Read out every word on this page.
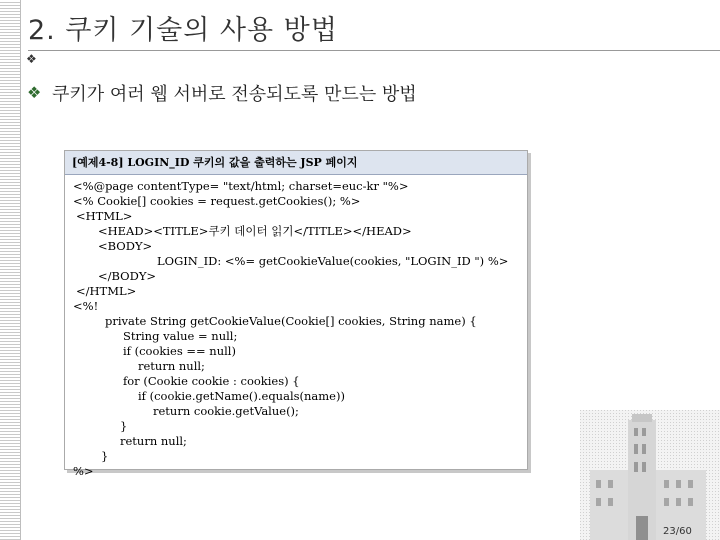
2. 쿠키 기술의 사용 방법
❖
❖ 쿠키가 여러 웹 서버로 전송되도록 만드는 방법
[예제4-8] LOGIN_ID 쿠키의 값을 출력하는 JSP 페이지
<%@page contentType= "text/html; charset=euc-kr "%>
<% Cookie[] cookies = request.getCookies(); %>
<HTML>
<HEAD><TITLE>쿠키 데이터 읽기</TITLE></HEAD>
<BODY>
LOGIN_ID: <%= getCookieValue(cookies, "LOGIN_ID ") %>
</BODY>
</HTML>
<%!
private String getCookieValue(Cookie[] cookies, String name) {
String value = null;
if (cookies == null)
return null;
for (Cookie cookie : cookies) {
if (cookie.getName().equals(name))
return cookie.getValue();
}
return null;
}
%>
23/60
